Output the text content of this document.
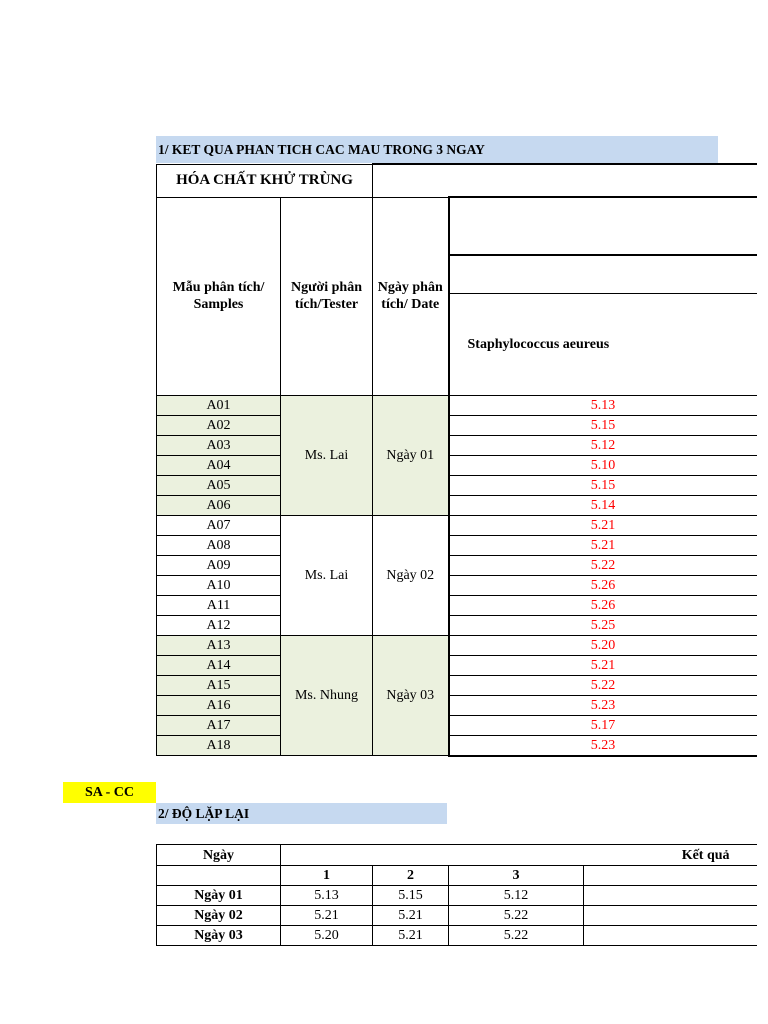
1/ KET QUA PHAN TICH CAC MAU TRONG 3 NGAY
HÓA CHẤT KHỬ TRÙNG			
Mẫu phân tích/ Samples	Người phân tích/Tester	Ngày phân tích/ Date	

			Staphylococcus aeureus
A01	Ms. Lai	Ngày 01	5.13
A02			5.15
A03			5.12
A04			5.10
A05			5.15
A06			5.14
A07	Ms. Lai	Ngày 02	5.21
A08			5.21
A09			5.22
A10			5.26
A11			5.26
A12			5.25
A13	Ms. Nhung	Ngày 03	5.20
A14			5.21
A15			5.22
A16			5.23
A17			5.17
A18			5.23
SA - CC
2/ ĐỘ LẶP LẠI
Ngày	Kết quả			
	1	2	3	
Ngày 01	5.13	5.15	5.12	
Ngày 02	5.21	5.21	5.22	
Ngày 03	5.20	5.21	5.22	
